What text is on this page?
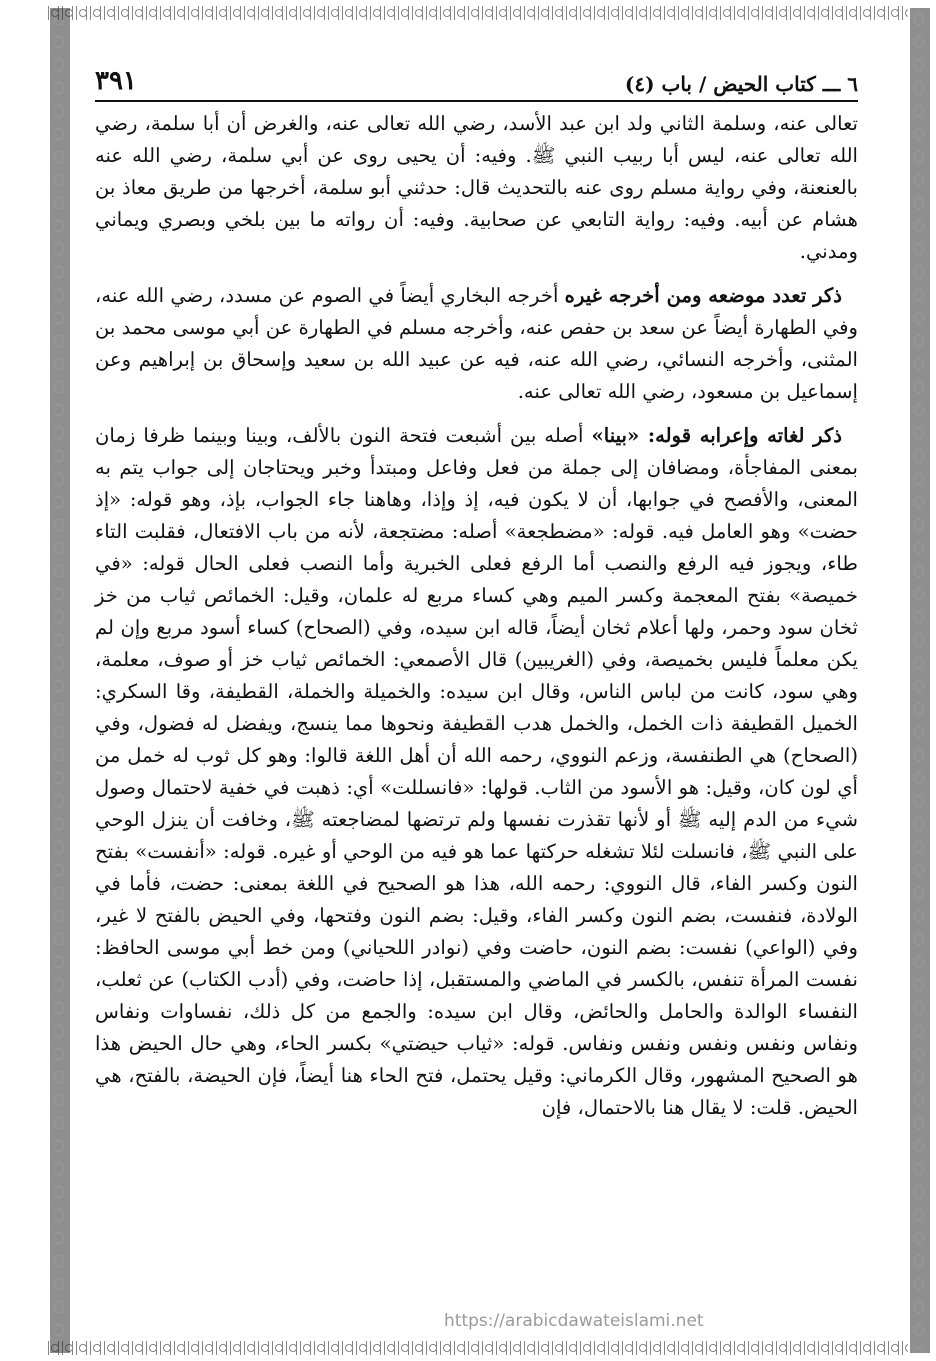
٦ ـــ كتاب الحيض / باب (٤)
٣٩١

تعالى عنه، وسلمة الثاني ولد ابن عبد الأسد، رضي الله تعالى عنه، والغرض أن أبا سلمة، رضي الله تعالى عنه، ليس أبا ربيب النبي ﷺ. وفيه: أن يحيى روى عن أبي سلمة، رضي الله عنه بالعنعنة، وفي رواية مسلم روى عنه بالتحديث قال: حدثني أبو سلمة، أخرجها من طريق معاذ بن هشام عن أبيه. وفيه: رواية التابعي عن صحابية. وفيه: أن رواته ما بين بلخي وبصري ويماني ومدني.

ذكر تعدد موضعه ومن أخرجه غيره أخرجه البخاري أيضاً في الصوم عن مسدد، رضي الله عنه، وفي الطهارة أيضاً عن سعد بن حفص عنه، وأخرجه مسلم في الطهارة عن أبي موسى محمد بن المثنى، وأخرجه النسائي، رضي الله عنه، فيه عن عبيد الله بن سعيد وإسحاق بن إبراهيم وعن إسماعيل بن مسعود، رضي الله تعالى عنه.

ذكر لغاته وإعرابه قوله: «بينا» أصله بين أشبعت فتحة النون بالألف، وبينا وبينما ظرفا زمان بمعنى المفاجأة، ومضافان إلى جملة من فعل وفاعل ومبتدأ وخبر ويحتاجان إلى جواب يتم به المعنى، والأفصح في جوابها، أن لا يكون فيه، إذ وإذا، وهاهنا جاء الجواب، بإذ، وهو قوله: «إذ حضت» وهو العامل فيه. قوله: «مضطجعة» أصله: مضتجعة، لأنه من باب الافتعال، فقلبت التاء طاء، ويجوز فيه الرفع والنصب أما الرفع فعلى الخبرية وأما النصب فعلى الحال قوله: «في خميصة» بفتح المعجمة وكسر الميم وهي كساء مربع له علمان، وقيل: الخمائص ثياب من خز ثخان سود وحمر، ولها أعلام ثخان أيضاً، قاله ابن سيده، وفي (الصحاح) كساء أسود مربع وإن لم يكن معلماً فليس بخميصة، وفي (الغريبين) قال الأصمعي: الخمائص ثياب خز أو صوف، معلمة، وهي سود، كانت من لباس الناس، وقال ابن سيده: والخميلة والخملة، القطيفة، وقا السكري: الخميل القطيفة ذات الخمل، والخمل هدب القطيفة ونحوها مما ينسج، ويفضل له فضول، وفي (الصحاح) هي الطنفسة، وزعم النووي، رحمه الله أن أهل اللغة قالوا: وهو كل ثوب له خمل من أي لون كان، وقيل: هو الأسود من الثاب. قولها: «فانسللت» أي: ذهبت في خفية لاحتمال وصول شيء من الدم إليه ﷺ أو لأنها تقذرت نفسها ولم ترتضها لمضاجعته ﷺ، وخافت أن ينزل الوحي على النبي ﷺ، فانسلت لئلا تشغله حركتها عما هو فيه من الوحي أو غيره. قوله: «أنفست» بفتح النون وكسر الفاء، قال النووي: رحمه الله، هذا هو الصحيح في اللغة بمعنى: حضت، فأما في الولادة، فنفست، بضم النون وكسر الفاء، وقيل: بضم النون وفتحها، وفي الحيض بالفتح لا غير، وفي (الواعي) نفست: بضم النون، حاضت وفي (نوادر اللحياني) ومن خط أبي موسى الحافظ: نفست المرأة تنفس، بالكسر في الماضي والمستقبل، إذا حاضت، وفي (أدب الكتاب) عن ثعلب، النفساء الوالدة والحامل والحائض، وقال ابن سيده: والجمع من كل ذلك، نفساوات ونفاس ونفاس ونفس ونفس ونفس ونفاس. قوله: «ثياب حيضتي» بكسر الحاء، وهي حال الحيض هذا هو الصحيح المشهور، وقال الكرماني: وقيل يحتمل، فتح الحاء هنا أيضاً، فإن الحيضة، بالفتح، هي الحيض. قلت: لا يقال هنا بالاحتمال، فإن

https://arabicdawateislami.net
